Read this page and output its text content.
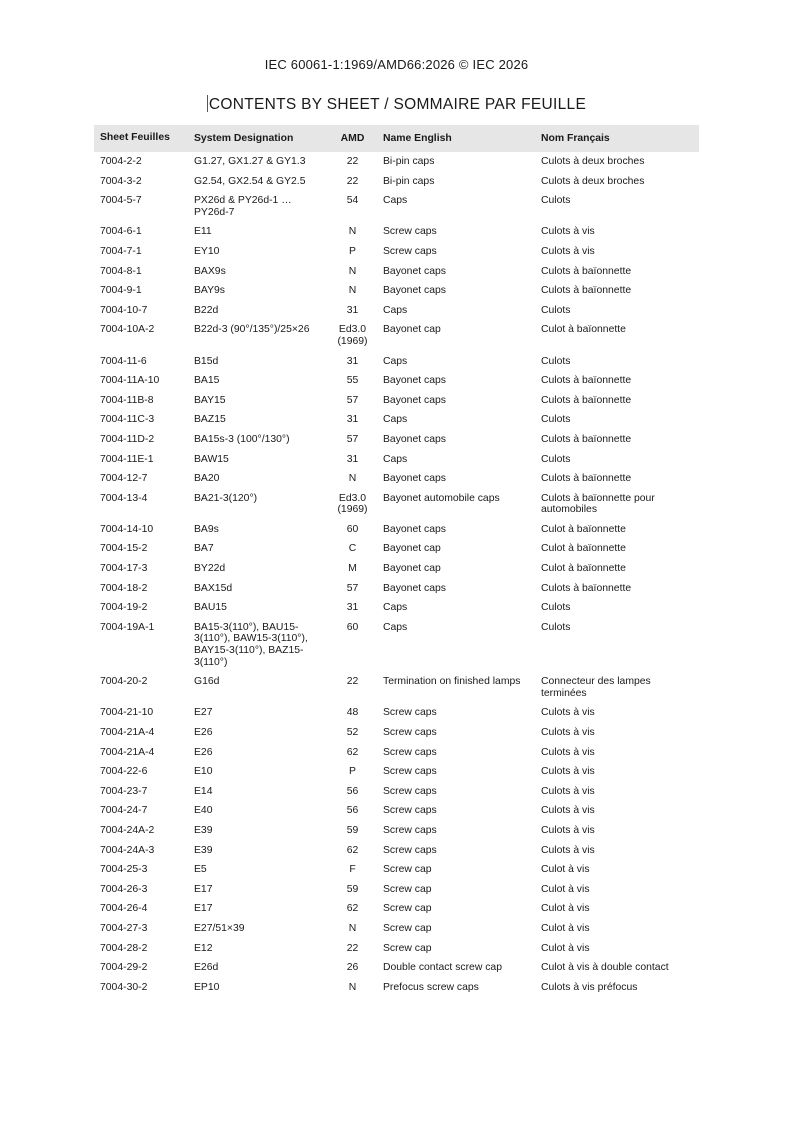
IEC 60061-1:1969/AMD66:2026 © IEC 2026
CONTENTS BY SHEET / SOMMAIRE PAR FEUILLE
Sheet Feuilles	System Designation	AMD	Name English	Nom Français
7004-2-2	G1.27, GX1.27 & GY1.3	22	Bi-pin caps	Culots à deux broches
7004-3-2	G2.54, GX2.54 & GY2.5	22	Bi-pin caps	Culots à deux broches
7004-5-7	PX26d & PY26d-1 … PY26d-7	54	Caps	Culots
7004-6-1	E11	N	Screw caps	Culots à vis
7004-7-1	EY10	P	Screw caps	Culots à vis
7004-8-1	BAX9s	N	Bayonet caps	Culots à baïonnette
7004-9-1	BAY9s	N	Bayonet caps	Culots à baïonnette
7004-10-7	B22d	31	Caps	Culots
7004-10A-2	B22d-3 (90°/135°)/25×26	Ed3.0 (1969)	Bayonet cap	Culot à baïonnette
7004-11-6	B15d	31	Caps	Culots
7004-11A-10	BA15	55	Bayonet caps	Culots à baïonnette
7004-11B-8	BAY15	57	Bayonet caps	Culots à baïonnette
7004-11C-3	BAZ15	31	Caps	Culots
7004-11D-2	BA15s-3 (100°/130°)	57	Bayonet caps	Culots à baïonnette
7004-11E-1	BAW15	31	Caps	Culots
7004-12-7	BA20	N	Bayonet caps	Culots à baïonnette
7004-13-4	BA21-3(120°)	Ed3.0 (1969)	Bayonet automobile caps	Culots à baïonnette pour automobiles
7004-14-10	BA9s	60	Bayonet caps	Culot à baïonnette
7004-15-2	BA7	C	Bayonet cap	Culot à baïonnette
7004-17-3	BY22d	M	Bayonet cap	Culot à baïonnette
7004-18-2	BAX15d	57	Bayonet caps	Culots à baïonnette
7004-19-2	BAU15	31	Caps	Culots
7004-19A-1	BA15-3(110°), BAU15-3(110°), BAW15-3(110°), BAY15-3(110°), BAZ15-3(110°)	60	Caps	Culots
7004-20-2	G16d	22	Termination on finished lamps	Connecteur des lampes terminées
7004-21-10	E27	48	Screw caps	Culots à vis
7004-21A-4	E26	52	Screw caps	Culots à vis
7004-21A-4	E26	62	Screw caps	Culots à vis
7004-22-6	E10	P	Screw caps	Culots à vis
7004-23-7	E14	56	Screw caps	Culots à vis
7004-24-7	E40	56	Screw caps	Culots à vis
7004-24A-2	E39	59	Screw caps	Culots à vis
7004-24A-3	E39	62	Screw caps	Culots à vis
7004-25-3	E5	F	Screw cap	Culot à vis
7004-26-3	E17	59	Screw cap	Culot à vis
7004-26-4	E17	62	Screw cap	Culot à vis
7004-27-3	E27/51×39	N	Screw cap	Culot à vis
7004-28-2	E12	22	Screw cap	Culot à vis
7004-29-2	E26d	26	Double contact screw cap	Culot à vis à double contact
7004-30-2	EP10	N	Prefocus screw caps	Culots à vis préfocus
